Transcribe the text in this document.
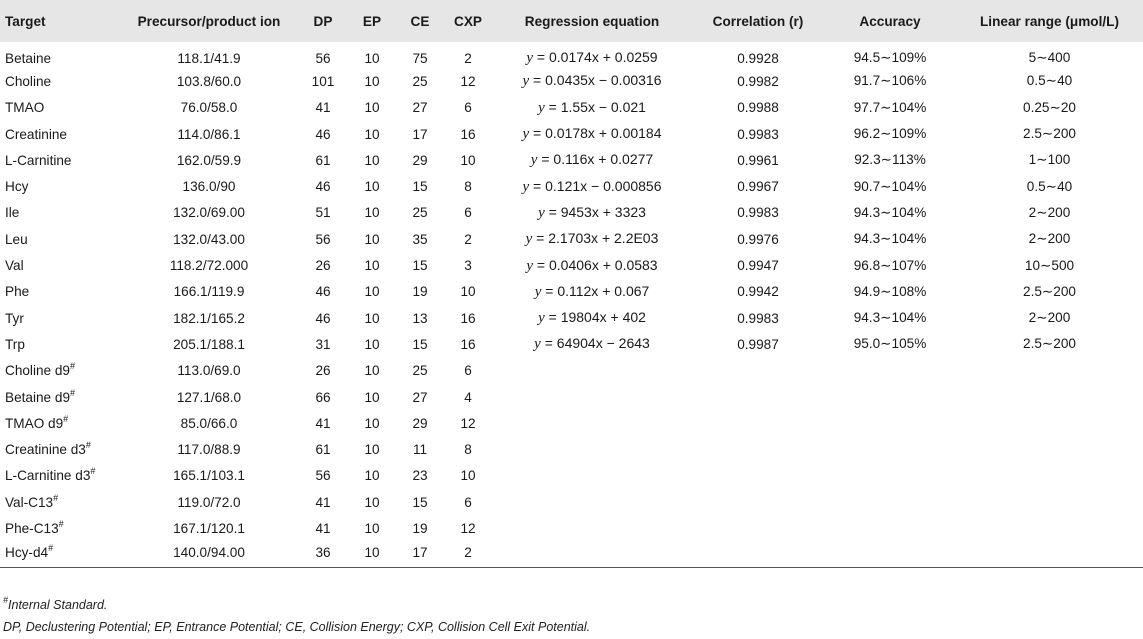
Target	Precursor/product ion	DP	EP	CE	CXP	Regression equation	Correlation (r)	Accuracy	Linear range (μmol/L)
Betaine	118.1/41.9	56	10	75	2	y = 0.0174x + 0.0259	0.9928	94.5∼109%	5∼400
Choline	103.8/60.0	101	10	25	12	y = 0.0435x − 0.00316	0.9982	91.7∼106%	0.5∼40
TMAO	76.0/58.0	41	10	27	6	y = 1.55x − 0.021	0.9988	97.7∼104%	0.25∼20
Creatinine	114.0/86.1	46	10	17	16	y = 0.0178x + 0.00184	0.9983	96.2∼109%	2.5∼200
L-Carnitine	162.0/59.9	61	10	29	10	y = 0.116x + 0.0277	0.9961	92.3∼113%	1∼100
Hcy	136.0/90	46	10	15	8	y = 0.121x − 0.000856	0.9967	90.7∼104%	0.5∼40
Ile	132.0/69.00	51	10	25	6	y = 9453x + 3323	0.9983	94.3∼104%	2∼200
Leu	132.0/43.00	56	10	35	2	y = 2.1703x + 2.2E03	0.9976	94.3∼104%	2∼200
Val	118.2/72.000	26	10	15	3	y = 0.0406x + 0.0583	0.9947	96.8∼107%	10∼500
Phe	166.1/119.9	46	10	19	10	y = 0.112x + 0.067	0.9942	94.9∼108%	2.5∼200
Tyr	182.1/165.2	46	10	13	16	y = 19804x + 402	0.9983	94.3∼104%	2∼200
Trp	205.1/188.1	31	10	15	16	y = 64904x − 2643	0.9987	95.0∼105%	2.5∼200
Choline d9#	113.0/69.0	26	10	25	6				
Betaine d9#	127.1/68.0	66	10	27	4				
TMAO d9#	85.0/66.0	41	10	29	12				
Creatinine d3#	117.0/88.9	61	10	11	8				
L-Carnitine d3#	165.1/103.1	56	10	23	10				
Val-C13#	119.0/72.0	41	10	15	6				
Phe-C13#	167.1/120.1	41	10	19	12				
Hcy-d4#	140.0/94.00	36	10	17	2				
#Internal Standard.
DP, Declustering Potential; EP, Entrance Potential; CE, Collision Energy; CXP, Collision Cell Exit Potential.
